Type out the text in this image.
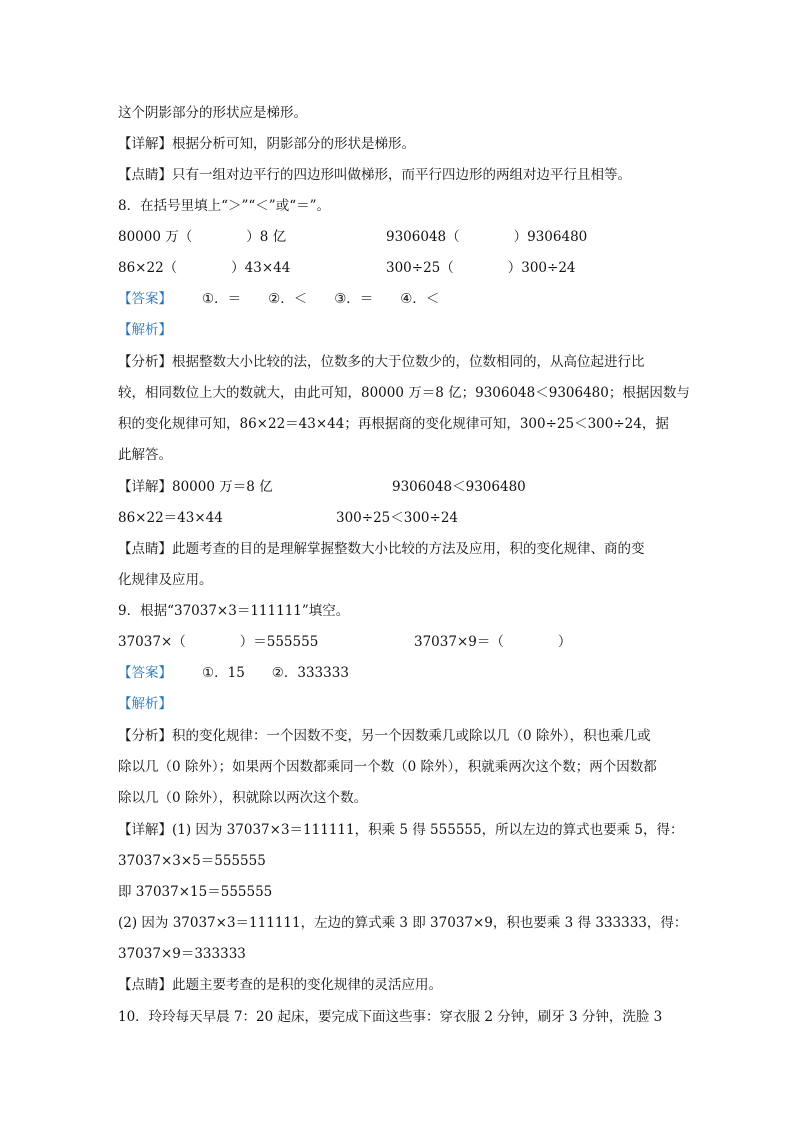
这个阴影部分的形状应是梯形。
【详解】根据分析可知，阴影部分的形状是梯形。
【点睛】只有一组对边平行的四边形叫做梯形，而平行四边形的两组对边平行且相等。
8．在括号里填上“＞”“＜”或“＝”。
80000 万（　　　　）8 亿	9306048（　　　　）9306480
86×22（　　　　）43×44	300÷25（　　　　）300÷24
【答案】 ①．＝　　②．＜　　③．＝　　④．＜
【解析】
【分析】根据整数大小比较的法，位数多的大于位数少的，位数相同的，从高位起进行比
较，相同数位上大的数就大，由此可知，80000 万＝8 亿；9306048＜9306480；根据因数与
积的变化规律可知，86×22＝43×44；再根据商的变化规律可知，300÷25＜300÷24，据
此解答。
【详解】80000 万＝8 亿	9306048＜9306480
86×22＝43×44	300÷25＜300÷24
【点睛】此题考查的目的是理解掌握整数大小比较的方法及应用，积的变化规律、商的变
化规律及应用。
9．根据“37037×3＝111111”填空。
37037×（　　　　）＝555555	37037×9＝（　　　　）
【答案】 ①．15　　②．333333
【解析】
【分析】积的变化规律：一个因数不变，另一个因数乘几或除以几（0 除外），积也乘几或
除以几（0 除外）；如果两个因数都乘同一个数（0 除外），积就乘两次这个数；两个因数都
除以几（0 除外），积就除以两次这个数。
【详解】(1) 因为 37037×3＝111111，积乘 5 得 555555，所以左边的算式也要乘 5，得：
37037×3×5＝555555
即 37037×15＝555555
(2) 因为 37037×3＝111111，左边的算式乘 3 即 37037×9，积也要乘 3 得 333333，得：
37037×9＝333333
【点睛】此题主要考查的是积的变化规律的灵活应用。
10．玲玲每天早晨 7：20 起床，要完成下面这些事：穿衣服 2 分钟，刷牙 3 分钟，洗脸 3
